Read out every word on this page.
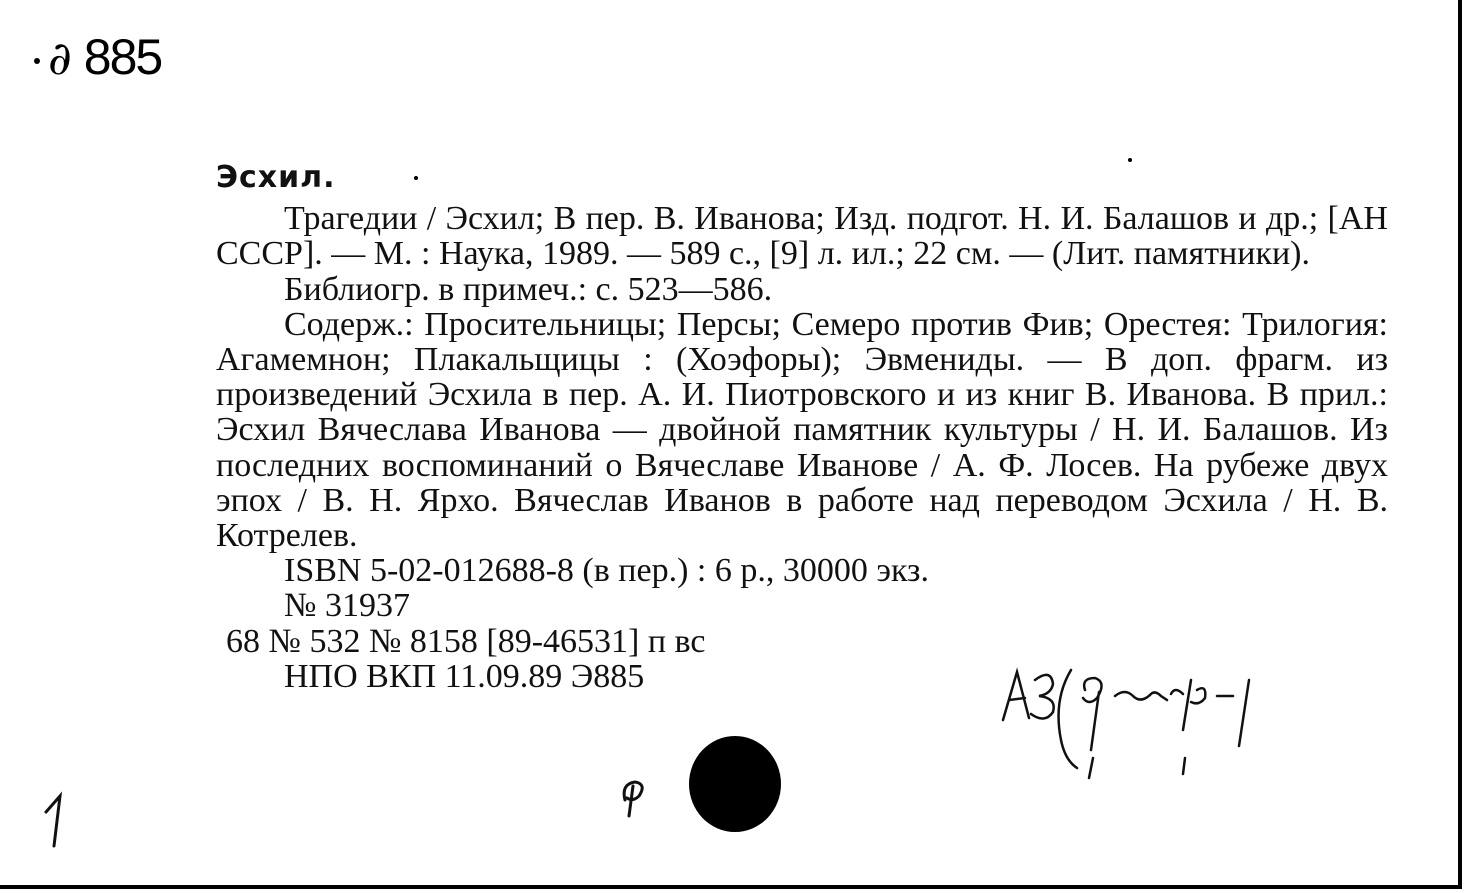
∂ 885
Эсхил.

Трагедии / Эсхил; В пер. В. Иванова; Изд. подгот. Н. И. Балашов и др.; [АН СССР]. — М. : Наука, 1989. — 589 с., [9] л. ил.; 22 см. — (Лит. памятники).

Библиогр. в примеч.: с. 523—586.

Содерж.: Просительницы; Персы; Семеро против Фив; Орестея: Трилогия: Агамемнон; Плакальщицы : (Хоэфоры); Эвмениды. — В доп. фрагм. из произведений Эсхила в пер. А. И. Пиотровского и из книг В. Иванова. В прил.: Эсхил Вячеслава Иванова — двойной памятник культуры / Н. И. Балашов. Из последних воспоминаний о Вячеславе Иванове / А. Ф. Лосев. На рубеже двух эпох / В. Н. Ярхо. Вячеслав Иванов в работе над переводом Эсхила / Н. В. Котрелев.

ISBN 5-02-012688-8 (в пер.) : 6 р., 30000 экз.

№ 31937

68 № 532 № 8158 [89-46531] п вс

НПО ВКП 11.09.89 Э885
